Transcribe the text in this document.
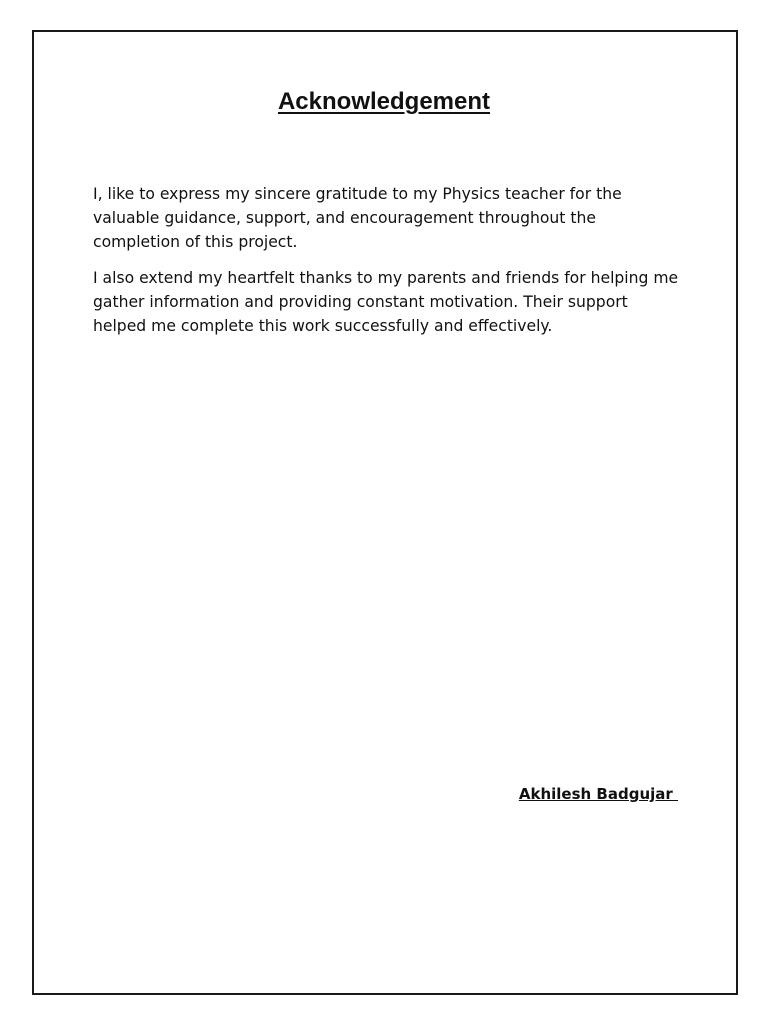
Acknowledgement

I, like to express my sincere gratitude to my Physics teacher for the valuable guidance, support, and encouragement throughout the completion of this project.

I also extend my heartfelt thanks to my parents and friends for helping me gather information and providing constant motivation. Their support helped me complete this work successfully and effectively.

Akhilesh Badgujar
